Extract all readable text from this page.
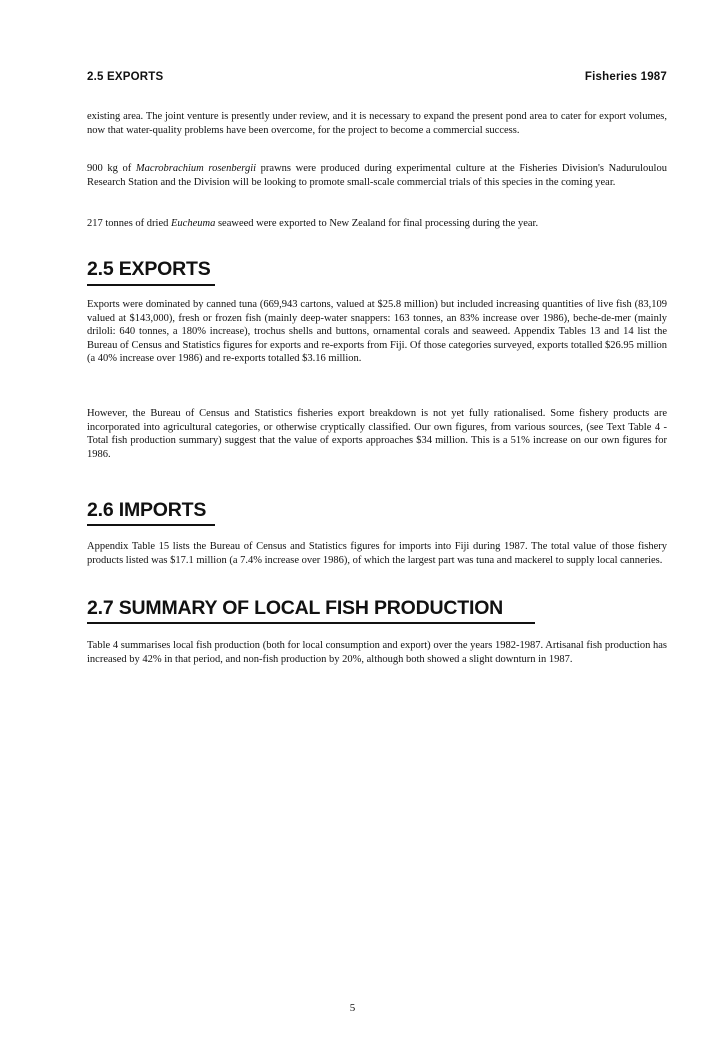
2.5 EXPORTS	Fisheries 1987

existing area. The joint venture is presently under review, and it is necessary to expand the present pond area to cater for export volumes, now that water-quality problems have been overcome, for the project to become a commercial success.

900 kg of Macrobrachium rosenbergii prawns were produced during experimental culture at the Fisheries Division's Naduruloulou Research Station and the Division will be looking to promote small-scale commercial trials of this species in the coming year.

217 tonnes of dried Eucheuma seaweed were exported to New Zealand for final processing during the year.

2.5 EXPORTS

Exports were dominated by canned tuna (669,943 cartons, valued at $25.8 million) but included increasing quantities of live fish (83,109 valued at $143,000), fresh or frozen fish (mainly deep-water snappers: 163 tonnes, an 83% increase over 1986), beche-de-mer (mainly driloli: 640 tonnes, a 180% increase), trochus shells and buttons, ornamental corals and seaweed. Appendix Tables 13 and 14 list the Bureau of Census and Statistics figures for exports and re-exports from Fiji. Of those categories surveyed, exports totalled $26.95 million (a 40% increase over 1986) and re-exports totalled $3.16 million.

However, the Bureau of Census and Statistics fisheries export breakdown is not yet fully rationalised. Some fishery products are incorporated into agricultural categories, or otherwise cryptically classified. Our own figures, from various sources, (see Text Table 4 - Total fish production summary) suggest that the value of exports approaches $34 million. This is a 51% increase on our own figures for 1986.

2.6 IMPORTS

Appendix Table 15 lists the Bureau of Census and Statistics figures for imports into Fiji during 1987. The total value of those fishery products listed was $17.1 million (a 7.4% increase over 1986), of which the largest part was tuna and mackerel to supply local canneries.

2.7 SUMMARY OF LOCAL FISH PRODUCTION

Table 4 summarises local fish production (both for local consumption and export) over the years 1982-1987. Artisanal fish production has increased by 42% in that period, and non-fish production by 20%, although both showed a slight downturn in 1987.

5
